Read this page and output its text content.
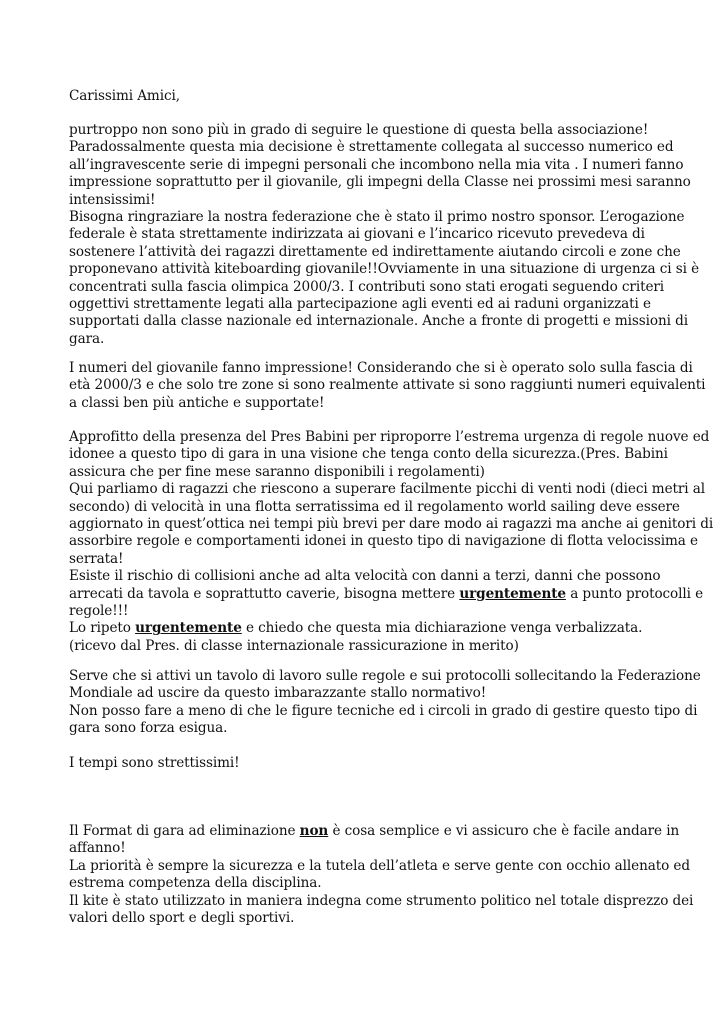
Carissimi Amici,
purtroppo non sono più in grado di seguire le questione di questa bella associazione!
Paradossalmente questa mia decisione è strettamente collegata al successo numerico ed
all’ingravescente serie di impegni personali che incombono nella mia vita . I numeri fanno
impressione soprattutto per il giovanile, gli impegni della Classe nei prossimi mesi saranno
intensissimi!
Bisogna ringraziare la nostra federazione che è stato il primo nostro sponsor. L’erogazione
federale è stata strettamente indirizzata ai giovani e l’incarico ricevuto prevedeva di
sostenere l’attività dei ragazzi direttamente ed indirettamente aiutando circoli e zone che
proponevano attività kiteboarding giovanile!!Ovviamente in una situazione di urgenza ci si è
concentrati sulla fascia olimpica 2000/3. I contributi sono stati erogati seguendo criteri
oggettivi strettamente legati alla partecipazione agli eventi ed ai raduni organizzati e
supportati dalla classe nazionale ed internazionale. Anche a fronte di progetti e missioni di
gara.
I numeri del giovanile fanno impressione! Considerando che si è operato solo sulla fascia di
età 2000/3 e che solo tre zone si sono realmente attivate si sono raggiunti numeri equivalenti
a classi ben più antiche e supportate!
Approfitto della presenza del Pres Babini per riproporre l’estrema urgenza di regole nuove ed
idonee a questo tipo di gara in una visione che tenga conto della sicurezza.(Pres. Babini
assicura che per fine mese saranno disponibili i regolamenti)
Qui parliamo di ragazzi che riescono a superare facilmente picchi di venti nodi (dieci metri al
secondo) di velocità in una flotta serratissima ed il regolamento world sailing deve essere
aggiornato in quest’ottica nei tempi più brevi per dare modo ai ragazzi ma anche ai genitori di
assorbire regole e comportamenti idonei in questo tipo di navigazione di flotta velocissima e
serrata!
Esiste il rischio di collisioni anche ad alta velocità con danni a terzi, danni che possono
arrecati da tavola e soprattutto caverie, bisogna mettere urgentemente a punto protocolli e
regole!!!
Lo ripeto urgentemente e chiedo che questa mia dichiarazione venga verbalizzata.
(ricevo dal Pres. di classe internazionale rassicurazione in merito)
Serve che si attivi un tavolo di lavoro sulle regole e sui protocolli sollecitando la Federazione
Mondiale ad uscire da questo imbarazzante stallo normativo!
Non posso fare a meno di che le figure tecniche ed i circoli in grado di gestire questo tipo di
gara sono forza esigua.
I tempi sono strettissimi!
Il Format di gara ad eliminazione non è cosa semplice e vi assicuro che è facile andare in
affanno!
La priorità è sempre la sicurezza e la tutela dell’atleta e serve gente con occhio allenato ed
estrema competenza della disciplina.
Il kite è stato utilizzato in maniera indegna come strumento politico nel totale disprezzo dei
valori dello sport e degli sportivi.
